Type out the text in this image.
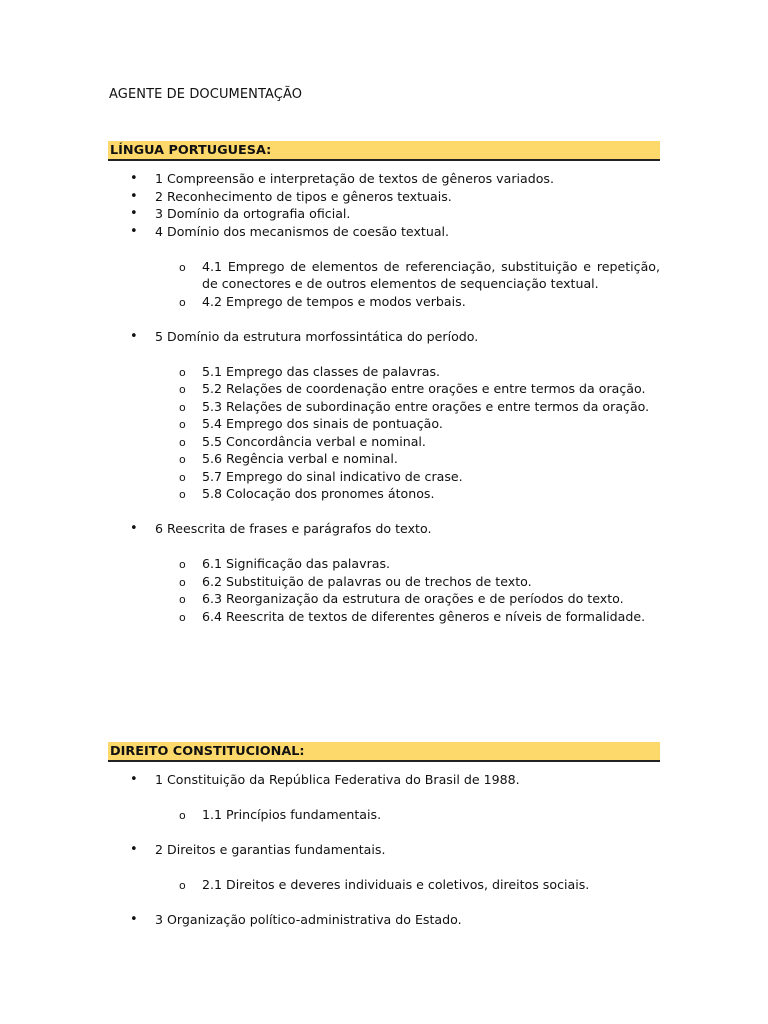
AGENTE DE DOCUMENTAÇÃO
LÍNGUA PORTUGUESA:
• 1 Compreensão e interpretação de textos de gêneros variados.
• 2 Reconhecimento de tipos e gêneros textuais.
• 3 Domínio da ortografia oficial.
• 4 Domínio dos mecanismos de coesão textual.
o 4.1 Emprego de elementos de referenciação, substituição e repetição, de conectores e de outros elementos de sequenciação textual.
o 4.2 Emprego de tempos e modos verbais.
• 5 Domínio da estrutura morfossintática do período.
o 5.1 Emprego das classes de palavras.
o 5.2 Relações de coordenação entre orações e entre termos da oração.
o 5.3 Relações de subordinação entre orações e entre termos da oração.
o 5.4 Emprego dos sinais de pontuação.
o 5.5 Concordância verbal e nominal.
o 5.6 Regência verbal e nominal.
o 5.7 Emprego do sinal indicativo de crase.
o 5.8 Colocação dos pronomes átonos.
• 6 Reescrita de frases e parágrafos do texto.
o 6.1 Significação das palavras.
o 6.2 Substituição de palavras ou de trechos de texto.
o 6.3 Reorganização da estrutura de orações e de períodos do texto.
o 6.4 Reescrita de textos de diferentes gêneros e níveis de formalidade.
DIREITO CONSTITUCIONAL:
• 1 Constituição da República Federativa do Brasil de 1988.
o 1.1 Princípios fundamentais.
• 2 Direitos e garantias fundamentais.
o 2.1 Direitos e deveres individuais e coletivos, direitos sociais.
• 3 Organização político-administrativa do Estado.
